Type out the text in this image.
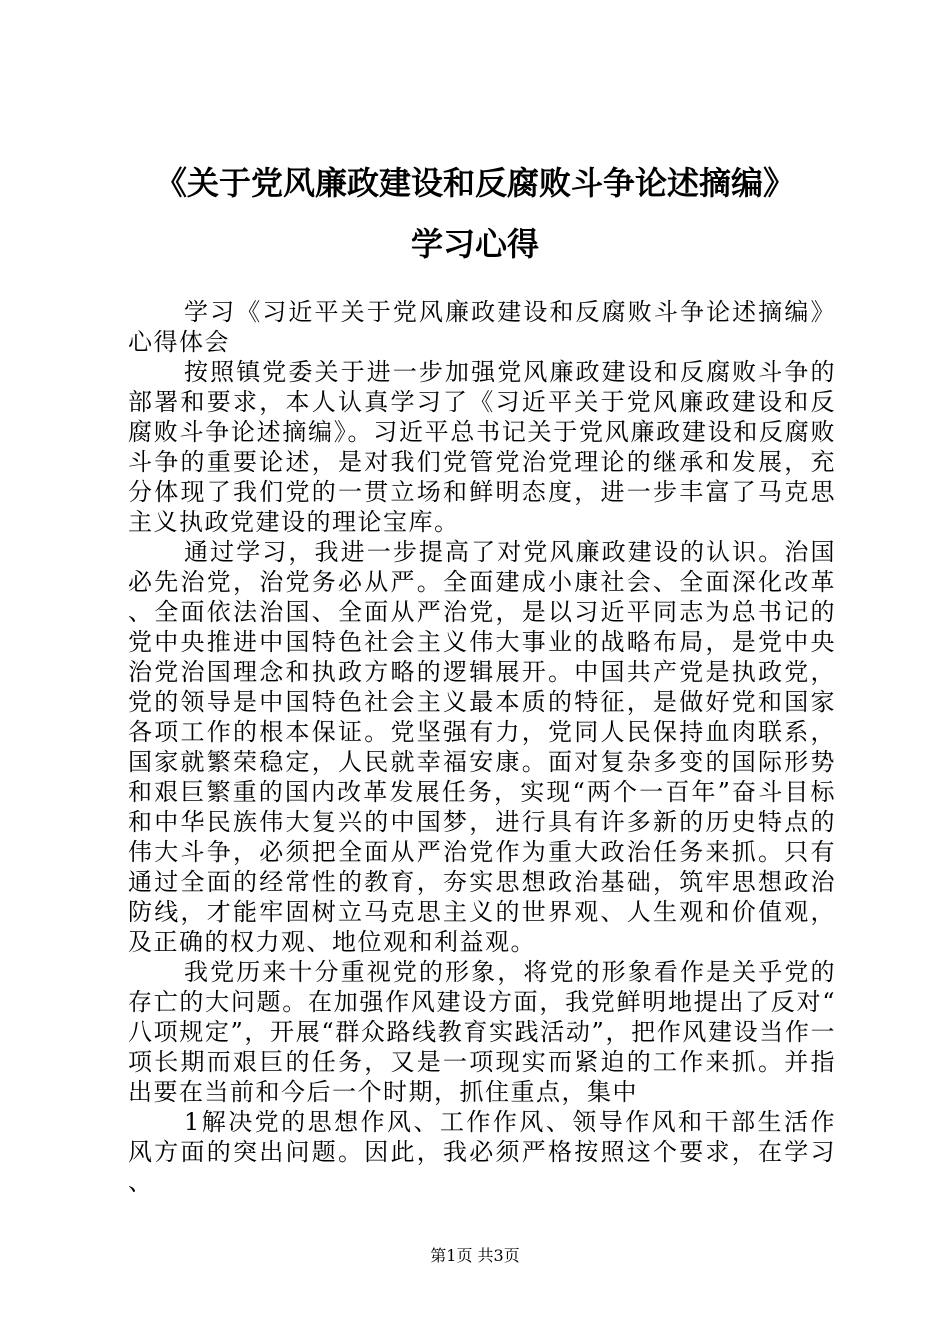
《关于党风廉政建设和反腐败斗争论述摘编》
学习心得

学习《习近平关于党风廉政建设和反腐败斗争论述摘编》心得体会

按照镇党委关于进一步加强党风廉政建设和反腐败斗争的部署和要求，本人认真学习了《习近平关于党风廉政建设和反腐败斗争论述摘编》。习近平总书记关于党风廉政建设和反腐败斗争的重要论述，是对我们党管党治党理论的继承和发展，充分体现了我们党的一贯立场和鲜明态度，进一步丰富了马克思主义执政党建设的理论宝库。

通过学习，我进一步提高了对党风廉政建设的认识。治国必先治党，治党务必从严。全面建成小康社会、全面深化改革、全面依法治国、全面从严治党，是以习近平同志为总书记的党中央推进中国特色社会主义伟大事业的战略布局，是党中央治党治国理念和执政方略的逻辑展开。中国共产党是执政党，党的领导是中国特色社会主义最本质的特征，是做好党和国家各项工作的根本保证。党坚强有力，党同人民保持血肉联系，国家就繁荣稳定，人民就幸福安康。面对复杂多变的国际形势和艰巨繁重的国内改革发展任务，实现“两个一百年”奋斗目标和中华民族伟大复兴的中国梦，进行具有许多新的历史特点的伟大斗争，必须把全面从严治党作为重大政治任务来抓。只有通过全面的经常性的教育，夯实思想政治基础，筑牢思想政治防线，才能牢固树立马克思主义的世界观、人生观和价值观，及正确的权力观、地位观和利益观。

我党历来十分重视党的形象，将党的形象看作是关乎党的存亡的大问题。在加强作风建设方面，我党鲜明地提出了反对“八项规定”，开展“群众路线教育实践活动”，把作风建设当作一项长期而艰巨的任务，又是一项现实而紧迫的工作来抓。并指出要在当前和今后一个时期，抓住重点，集中

1解决党的思想作风、工作作风、领导作风和干部生活作风方面的突出问题。因此，我必须严格按照这个要求，在学习、

第1页 共3页
